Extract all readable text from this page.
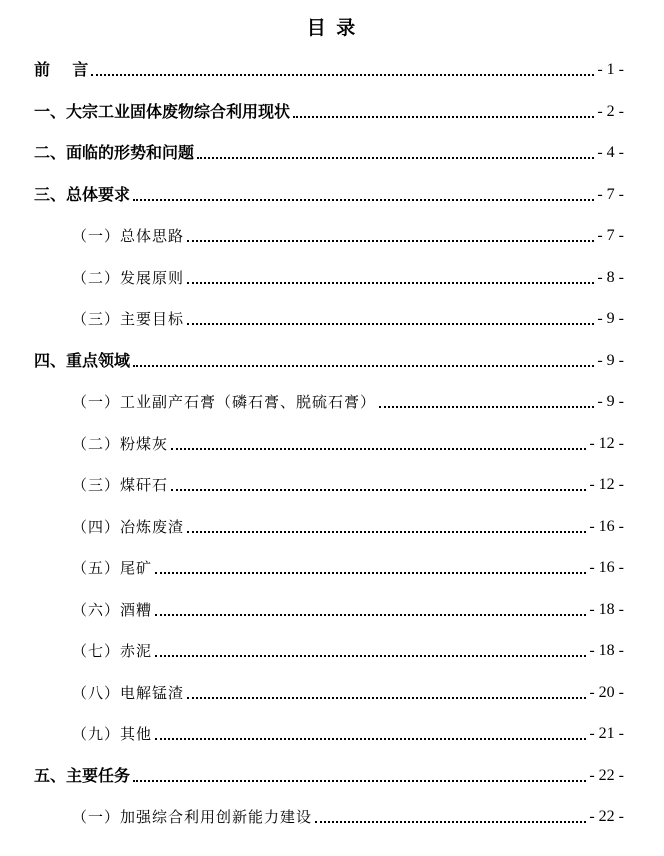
目 录
前    言	- 1 -
一、大宗工业固体废物综合利用现状	- 2 -
二、面临的形势和问题	- 4 -
三、总体要求	- 7 -
（一）总体思路	- 7 -
（二）发展原则	- 8 -
（三）主要目标	- 9 -
四、重点领域	- 9 -
（一）工业副产石膏（磷石膏、脱硫石膏）	- 9 -
（二）粉煤灰	- 12 -
（三）煤矸石	- 12 -
（四）冶炼废渣	- 16 -
（五）尾矿	- 16 -
（六）酒糟	- 18 -
（七）赤泥	- 18 -
（八）电解锰渣	- 20 -
（九）其他	- 21 -
五、主要任务	- 22 -
（一）加强综合利用创新能力建设	- 22 -
